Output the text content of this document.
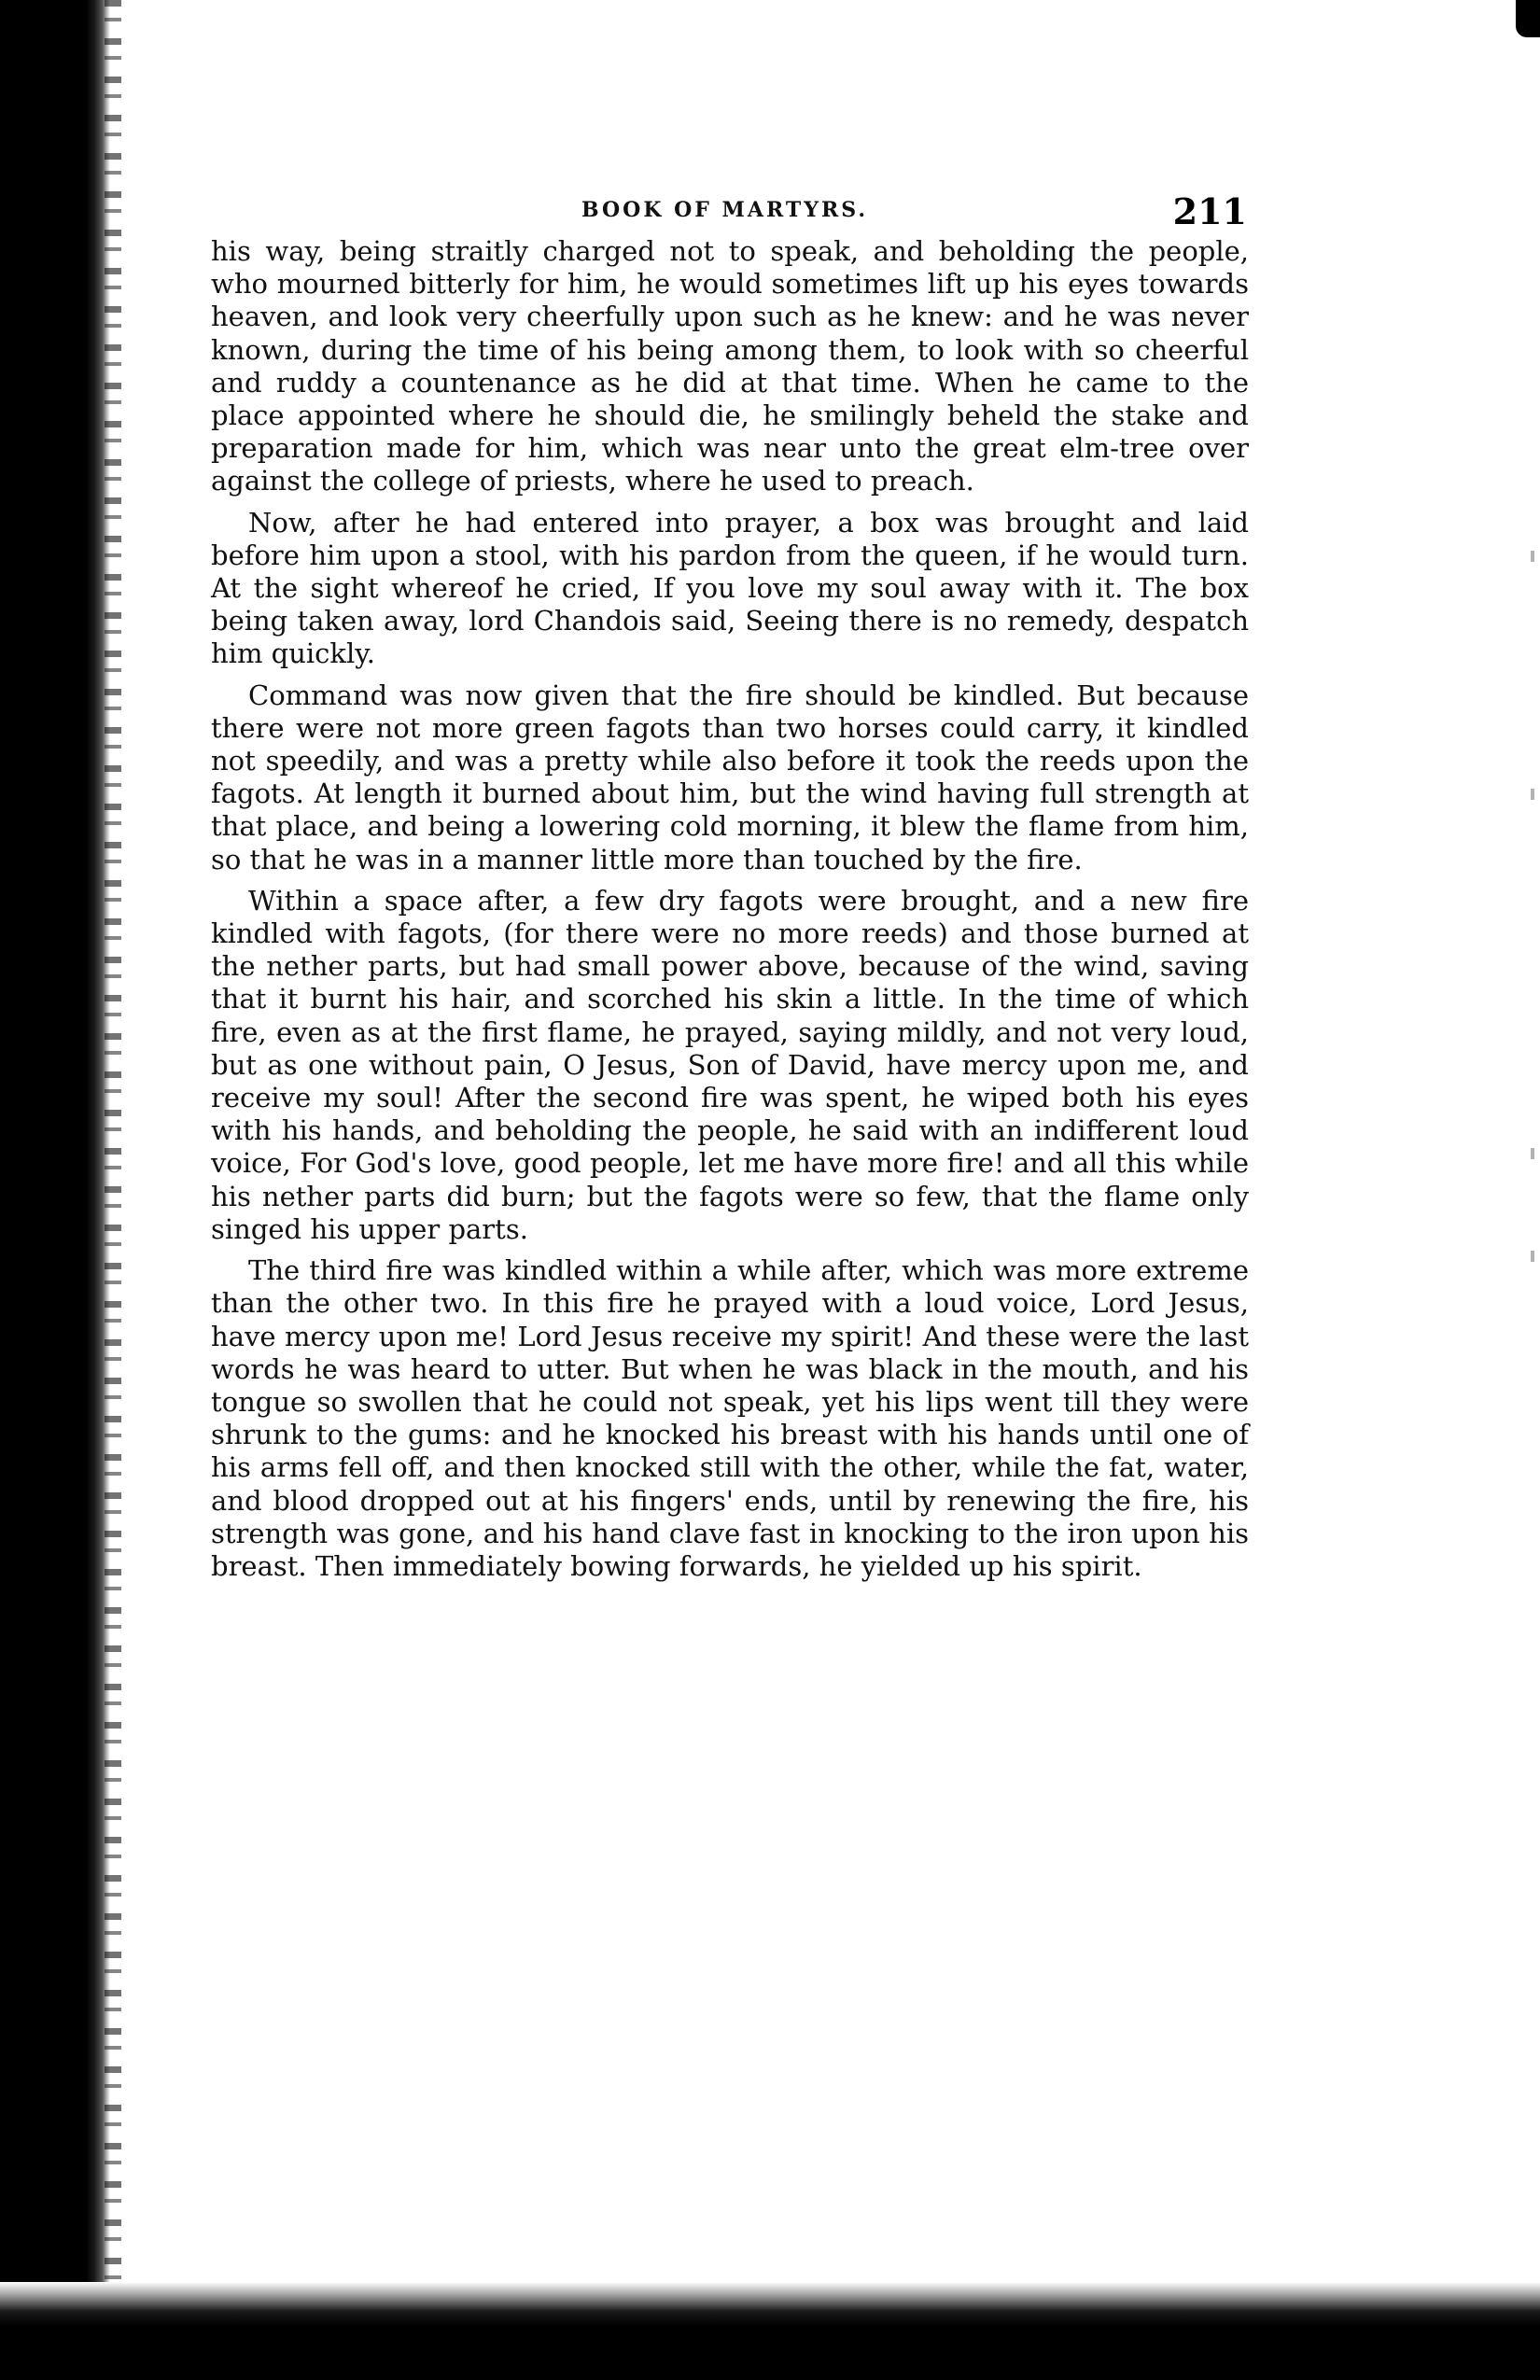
BOOK OF MARTYRS.	211

his way, being straitly charged not to speak, and beholding the people, who mourned bitterly for him, he would sometimes lift up his eyes towards heaven, and look very cheerfully upon such as he knew: and he was never known, during the time of his being among them, to look with so cheerful and ruddy a countenance as he did at that time. When he came to the place appointed where he should die, he smilingly beheld the stake and preparation made for him, which was near unto the great elm-tree over against the college of priests, where he used to preach.

Now, after he had entered into prayer, a box was brought and laid before him upon a stool, with his pardon from the queen, if he would turn. At the sight whereof he cried, If you love my soul away with it. The box being taken away, lord Chandois said, Seeing there is no remedy, despatch him quickly.

Command was now given that the fire should be kindled. But because there were not more green fagots than two horses could carry, it kindled not speedily, and was a pretty while also before it took the reeds upon the fagots. At length it burned about him, but the wind having full strength at that place, and being a lowering cold morning, it blew the flame from him, so that he was in a manner little more than touched by the fire.

Within a space after, a few dry fagots were brought, and a new fire kindled with fagots, (for there were no more reeds) and those burned at the nether parts, but had small power above, because of the wind, saving that it burnt his hair, and scorched his skin a little. In the time of which fire, even as at the first flame, he prayed, saying mildly, and not very loud, but as one without pain, O Jesus, Son of David, have mercy upon me, and receive my soul! After the second fire was spent, he wiped both his eyes with his hands, and beholding the people, he said with an indifferent loud voice, For God's love, good people, let me have more fire! and all this while his nether parts did burn; but the fagots were so few, that the flame only singed his upper parts.

The third fire was kindled within a while after, which was more extreme than the other two. In this fire he prayed with a loud voice, Lord Jesus, have mercy upon me! Lord Jesus receive my spirit! And these were the last words he was heard to utter. But when he was black in the mouth, and his tongue so swollen that he could not speak, yet his lips went till they were shrunk to the gums: and he knocked his breast with his hands until one of his arms fell off, and then knocked still with the other, while the fat, water, and blood dropped out at his fingers' ends, until by renewing the fire, his strength was gone, and his hand clave fast in knocking to the iron upon his breast. Then immediately bowing forwards, he yielded up his spirit.
